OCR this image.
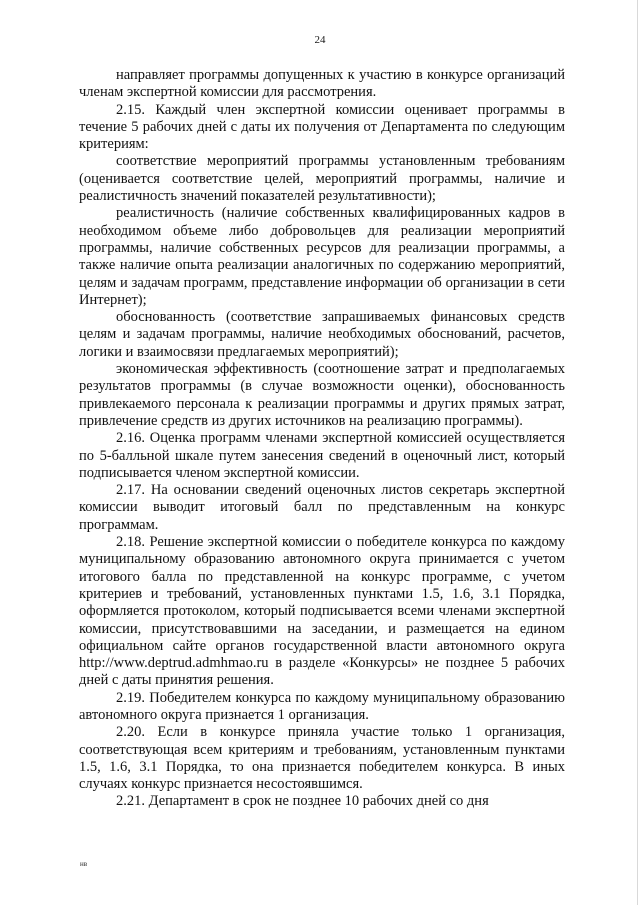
24

направляет программы допущенных к участию в конкурсе организаций членам экспертной комиссии для рассмотрения.

2.15. Каждый член экспертной комиссии оценивает программы в течение 5 рабочих дней с даты их получения от Департамента по следующим критериям:

соответствие мероприятий программы установленным требованиям (оценивается соответствие целей, мероприятий программы, наличие и реалистичность значений показателей результативности);

реалистичность (наличие собственных квалифицированных кадров в необходимом объеме либо добровольцев для реализации мероприятий программы, наличие собственных ресурсов для реализации программы, а также наличие опыта реализации аналогичных по содержанию мероприятий, целям и задачам программ, представление информации об организации в сети Интернет);

обоснованность (соответствие запрашиваемых финансовых средств целям и задачам программы, наличие необходимых обоснований, расчетов, логики и взаимосвязи предлагаемых мероприятий);

экономическая эффективность (соотношение затрат и предполагаемых результатов программы (в случае возможности оценки), обоснованность привлекаемого персонала к реализации программы и других прямых затрат, привлечение средств из других источников на реализацию программы).

2.16. Оценка программ членами экспертной комиссией осуществляется по 5-балльной шкале путем занесения сведений в оценочный лист, который подписывается членом экспертной комиссии.

2.17. На основании сведений оценочных листов секретарь экспертной комиссии выводит итоговый балл по представленным на конкурс программам.

2.18. Решение экспертной комиссии о победителе конкурса по каждому муниципальному образованию автономного округа принимается с учетом итогового балла по представленной на конкурс программе, с учетом критериев и требований, установленных пунктами 1.5, 1.6, 3.1 Порядка, оформляется протоколом, который подписывается всеми членами экспертной комиссии, присутствовавшими на заседании, и размещается на едином официальном сайте органов государственной власти автономного округа http://www.deptrud.admhmao.ru в разделе «Конкурсы» не позднее 5 рабочих дней с даты принятия решения.

2.19. Победителем конкурса по каждому муниципальному образованию автономного округа признается 1 организация.

2.20. Если в конкурсе приняла участие только 1 организация, соответствующая всем критериям и требованиям, установленным пунктами 1.5, 1.6, 3.1 Порядка, то она признается победителем конкурса. В иных случаях конкурс признается несостоявшимся.

2.21. Департамент в срок не позднее 10 рабочих дней со дня

нв
